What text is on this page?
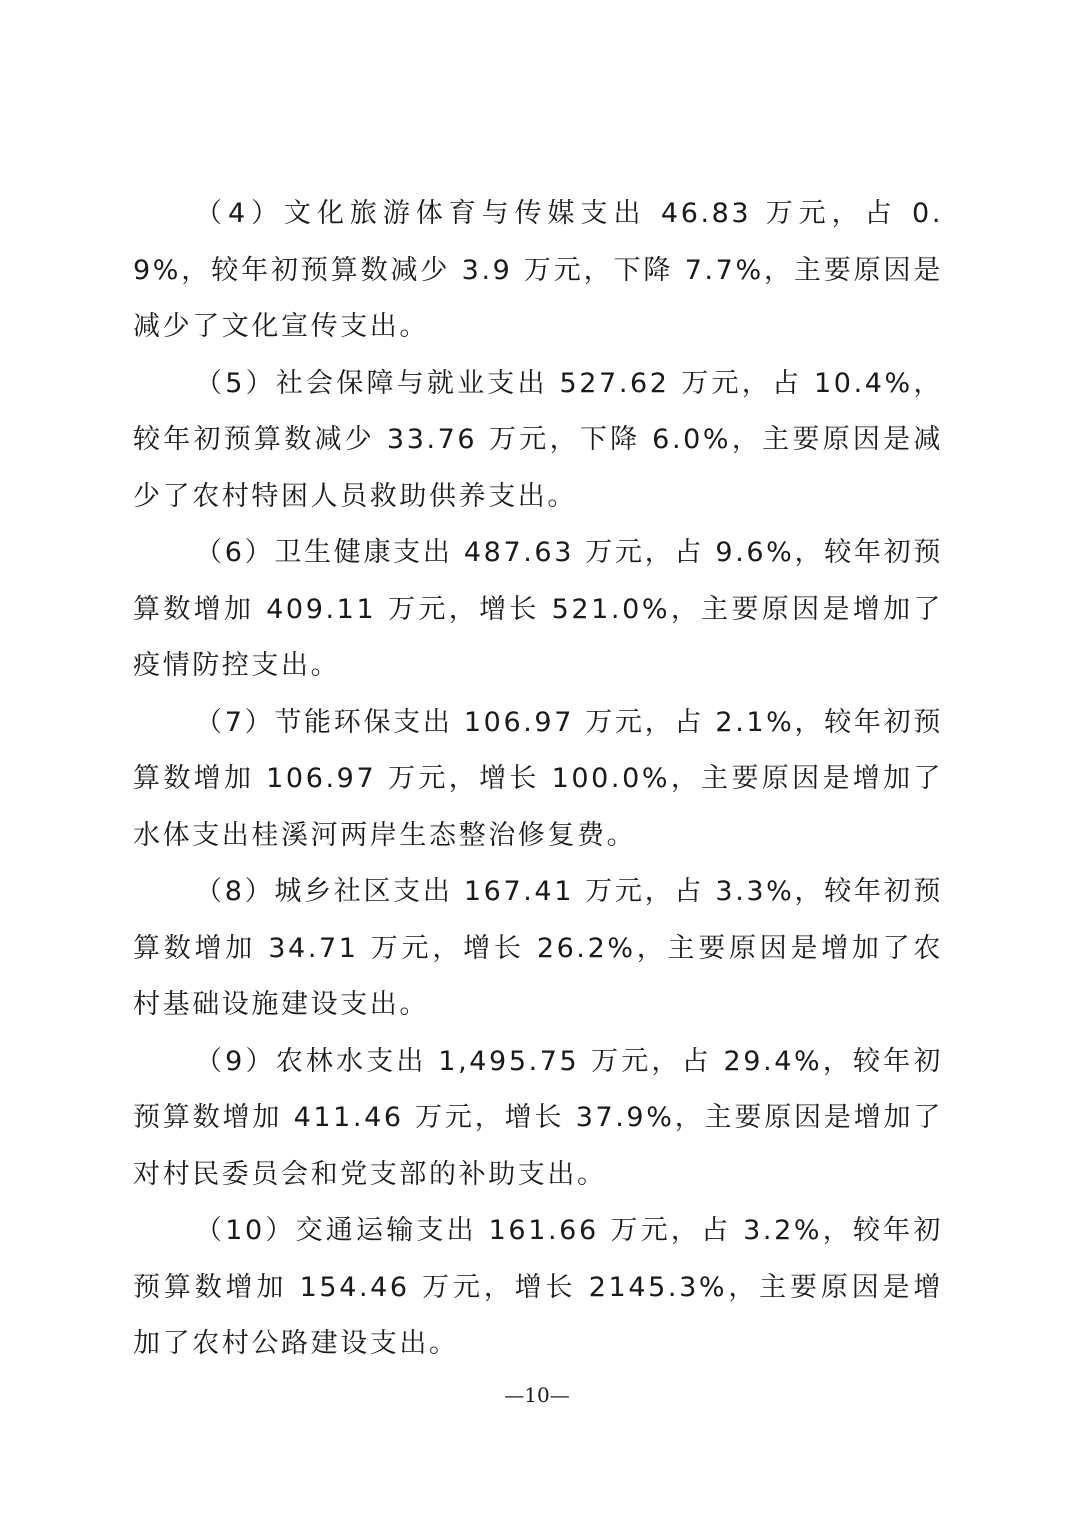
（4）文化旅游体育与传媒支出 46.83 万元，占 0.9%，较年初预算数减少 3.9 万元，下降 7.7%，主要原因是减少了文化宣传支出。

（5）社会保障与就业支出 527.62 万元，占 10.4%，较年初预算数减少 33.76 万元，下降 6.0%，主要原因是减少了农村特困人员救助供养支出。

（6）卫生健康支出 487.63 万元，占 9.6%，较年初预算数增加 409.11 万元，增长 521.0%，主要原因是增加了疫情防控支出。

（7）节能环保支出 106.97 万元，占 2.1%，较年初预算数增加 106.97 万元，增长 100.0%，主要原因是增加了水体支出桂溪河两岸生态整治修复费。

（8）城乡社区支出 167.41 万元，占 3.3%，较年初预算数增加 34.71 万元，增长 26.2%，主要原因是增加了农村基础设施建设支出。

（9）农林水支出 1,495.75 万元，占 29.4%，较年初预算数增加 411.46 万元，增长 37.9%，主要原因是增加了对村民委员会和党支部的补助支出。

（10）交通运输支出 161.66 万元，占 3.2%，较年初预算数增加 154.46 万元，增长 2145.3%，主要原因是增加了农村公路建设支出。

—10—
